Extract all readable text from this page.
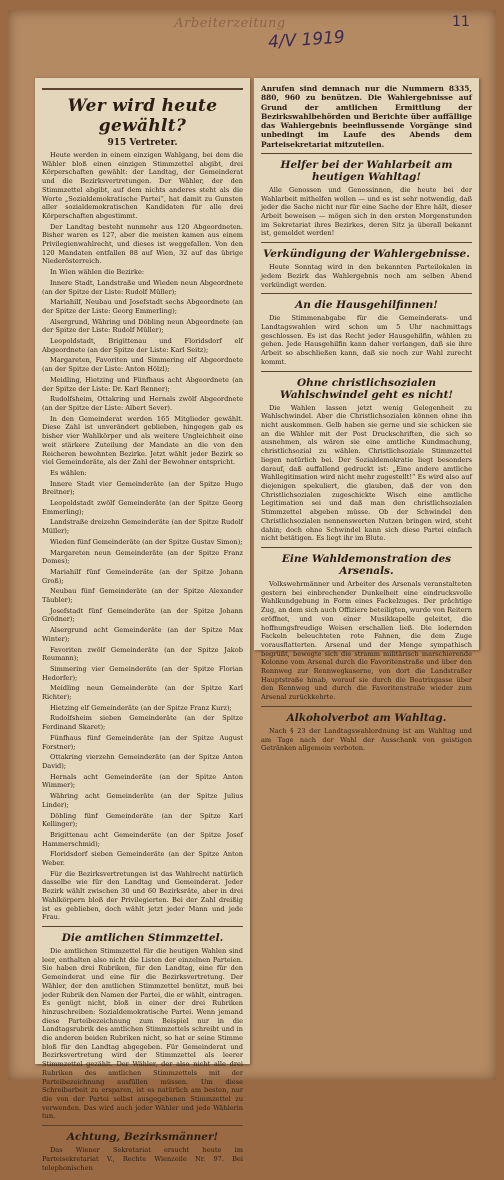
Arbeiterzeitung
4/V 1919
11
Wer wird heute gewählt?
915 Vertreter.

Heute werden in einem einzigen Wahlgang, bei dem die Wähler bloß einen einzigen Stimmzettel abgibt, drei Körperschaften gewählt: der Landtag, der Gemeinderat und die Bezirksvertretungen. Der Wähler, der den Stimmzettel abgibt, auf dem nichts anderes steht als die Worte „Sozialdemokratische Partei“, hat damit zu Gunsten aller sozialdemokratischen Kandidaten für alle drei Körperschaften abgestimmt.

Der Landtag besteht nunmehr aus 120 Abgeordneten. Bisher waren es 127, aber die meisten kamen aus einem Privilegienwahlrecht, und dieses ist weggefallen. Von den 120 Mandaten entfallen 88 auf Wien, 32 auf das übrige Niederösterreich.

In Wien wählen die Bezirke:

Innere Stadt, Landstraße und Wieden neun Abgeordnete (an der Spitze der Liste: Rudolf Müller);

Mariahilf, Neubau und Josefstadt sechs Abgeordnete (an der Spitze der Liste: Georg Emmerling);

Alsergrund, Währing und Döbling neun Abgeordnete (an der Spitze der Liste: Rudolf Müller);

Leopoldstadt, Brigittenau und Floridsdorf elf Abgeordnete (an der Spitze der Liste: Karl Seitz);

Margareten, Favoriten und Simmering elf Abgeordnete (an der Spitze der Liste: Anton Hölzl);

Meidling, Hietzing und Fünfhaus acht Abgeordnete (an der Spitze der Liste: Dr. Karl Renner);

Rudolfsheim, Ottakring und Hernals zwölf Abgeordnete (an der Spitze der Liste: Albert Sever).

In den Gemeinderat werden 165 Mitglieder gewählt. Diese Zahl ist unverändert geblieben, hingegen gab es bisher vier Wahlkörper und als weitere Ungleichheit eine weit stärkere Zuteilung der Mandate an die von den Reicheren bewohnten Bezirke. Jetzt wählt jeder Bezirk so viel Gemeinderäte, als der Zahl der Bewohner entspricht.

Es wählen:

Innere Stadt vier Gemeinderäte (an der Spitze Hugo Breitner);

Leopoldstadt zwölf Gemeinderäte (an der Spitze Georg Emmerling);

Landstraße dreizehn Gemeinderäte (an der Spitze Rudolf Müller);

Wieden fünf Gemeinderäte (an der Spitze Gustav Simon);

Margareten neun Gemeinderäte (an der Spitze Franz Domes);

Mariahilf fünf Gemeinderäte (an der Spitze Johann Groß);

Neubau fünf Gemeinderäte (an der Spitze Alexander Täubler);

Josefstadt fünf Gemeinderäte (an der Spitze Johann Grödner);

Alsergrund acht Gemeinderäte (an der Spitze Max Winter);

Favoriten zwölf Gemeinderäte (an der Spitze Jakob Reumann);

Simmering vier Gemeinderäte (an der Spitze Florian Hedorfer);

Meidling neun Gemeinderäte (an der Spitze Karl Richter);

Hietzing elf Gemeinderäte (an der Spitze Franz Kurz);

Rudolfsheim sieben Gemeinderäte (an der Spitze Ferdinand Skaret);

Fünfhaus fünf Gemeinderäte (an der Spitze August Forstner);

Ottakring vierzehn Gemeinderäte (an der Spitze Anton David);

Hernals acht Gemeinderäte (an der Spitze Anton Wimmer);

Währing acht Gemeinderäte (an der Spitze Julius Linder);

Döbling fünf Gemeinderäte (an der Spitze Karl Kellinger);

Brigittenau acht Gemeinderäte (an der Spitze Josef Hammerschmid);

Floridsdorf sieben Gemeinderäte (an der Spitze Anton Weber.

Für die Bezirksvertretungen ist das Wahlrecht natürlich dasselbe wie für den Landtag und Gemeinderat. Jeder Bezirk wählt zwischen 30 und 60 Bezirksräte, aber in drei Wahlkörpern bloß der Privilegierten. Bei der Zahl dreißig ist es geblieben, doch wählt jetzt jeder Mann und jede Frau.

Die amtlichen Stimmzettel.

Die amtlichen Stimmzettel für die heutigen Wahlen sind leer, enthalten also nicht die Listen der einzelnen Parteien. Sie haben drei Rubriken, für den Landtag, eine für den Gemeinderat und eine für die Bezirksvertretung. Der Wähler, der den amtlichen Stimmzettel benützt, muß bei jeder Rubrik den Namen der Partei, die er wählt, eintragen. Es genügt nicht, bloß in einer der drei Rubriken hinzuschreiben: Sozialdemokratische Partei. Wenn jemand diese Parteibezeichnung zum Beispiel nur in die Landtagsrubrik des amtlichen Stimmzettels schreibt und in die anderen beiden Rubriken nicht, so hat er seine Stimme bloß für den Landtag abgegeben. Für Gemeinderat und Bezirksvertretung wird der Stimmzettel als leerer Stimmzettel gezählt. Der Wähler, der also nicht alle drei Rubriken des amtlichen Stimmzettels mit der Parteibezeichnung ausfüllen müssen. Um diese Schreibarbeit zu ersparen, ist es natürlich am besten, nur die von der Partei selbst ausgegebenen Stimmzettel zu verwenden. Das wird auch jeder Wähler und jede Wählerin tun.

Achtung, Bezirksmänner!

Das Wiener Sekretariat ersucht heute im Parteisekretariat V., Rechte Wienzeile Nr. 97. Bei telephonischen

Anrufen sind demnach nur die Nummern 8335, 880, 960 zu benützen. Die Wahlergebnisse auf Grund der amtlichen Ermittlung der Bezirkswahlbehörden und Berichte über auffällige das Wahlergebnis beeinflussende Vorgänge sind unbedingt im Laufe des Abends dem Parteisekretariat mitzuteilen.

Helfer bei der Wahlarbeit am heutigen Wahltag!

Alle Genossen und Genossinnen, die heute bei der Wahlarbeit mithelfen wollen — und es ist sehr notwendig, daß jeder die Sache nicht nur für eine Sache der Ehre hält, dieser Arbeit beweisen — mögen sich in den ersten Morgenstunden im Sekretariat ihres Bezirkes, deren Sitz ja überall bekannt ist, gemeldet werden!

Verkündigung der Wahlergebnisse.

Heute Sonntag wird in den bekannten Parteilokalen in jedem Bezirk das Wahlergebnis noch am selben Abend verkündigt werden.

An die Hausgehilfinnen!

Die Stimmenabgabe für die Gemeinderats- und Landtagswahlen wird schon um 5 Uhr nachmittags geschlossen. Es ist das Recht jeder Hausgehilfin, wählen zu gehen. Jede Hausgehilfin kann daher verlangen, daß sie ihre Arbeit so abschließen kann, daß sie noch zur Wahl zurecht kommt.

Ohne christlichsozialen Wahlschwindel geht es nicht!

Die Wahlen lassen jetzt wenig Gelegenheit zu Wahlschwindel. Aber die Christlichsozialen können ohne ihn nicht auskommen. Gelb haben sie gerne und sie schicken sie an die Wähler mit der Post Druckschriften, die sich so ausnehmen, als wären sie eine amtliche Kundmachung, christlichsozial zu wählen. Christlichsoziale Stimmzettel liegen natürlich bei. Der Sozialdemokratie liegt besonders darauf, daß auffallend gedruckt ist: „Eine andere amtliche Wahllegitimation wird nicht mehr zugestellt!“ Es wird also auf diejenigen spekuliert, die glauben, daß der von den Christlichsozialen zugeschickte Wisch eine amtliche Legitimation sei und daß man den christlichsozialen Stimmzettel abgeben müsse. Ob der Schwindel den Christlichsozialen nennenswerten Nutzen bringen wird, steht dahin; doch ohne Schwindel kann sich diese Partei einfach nicht betätigen. Es liegt ihr im Blute.

Eine Wahldemonstration des Arsenals.

Volkswehrmänner und Arbeiter des Arsenals veranstalteten gestern bei einbrechender Dunkelheit eine eindrucksvolle Wahlkundgebung in Form eines Fackelzuges. Der prächtige Zug, an dem sich auch Offiziere beteiligten, wurde von Reitern eröffnet, und von einer Musikkapelle geleitet, die hoffnungsfreudige Weisen erschallen ließ. Die lodernden Fackeln beleuchteten rote Fahnen, die dem Zuge vorausflatterten. Arsenal und der Menge sympathisch begrüßt, bewegte sich die stramm militärisch marschierende Kolonne vom Arsenal durch die Favoritenstraße und über den Rennweg zur Rennwegkaserne, von dort die Landstraßer Hauptstraße hinab, worauf sie durch die Beatrixgasse über den Rennweg und durch die Favoritenstraße wieder zum Arsenal zurückkehrte.

Alkoholverbot am Wahltag.

Nach § 23 der Landtagswahlordnung ist am Wahltag und am Tage nach der Wahl der Ausschank von geistigen Getränken allgemein verboten.
